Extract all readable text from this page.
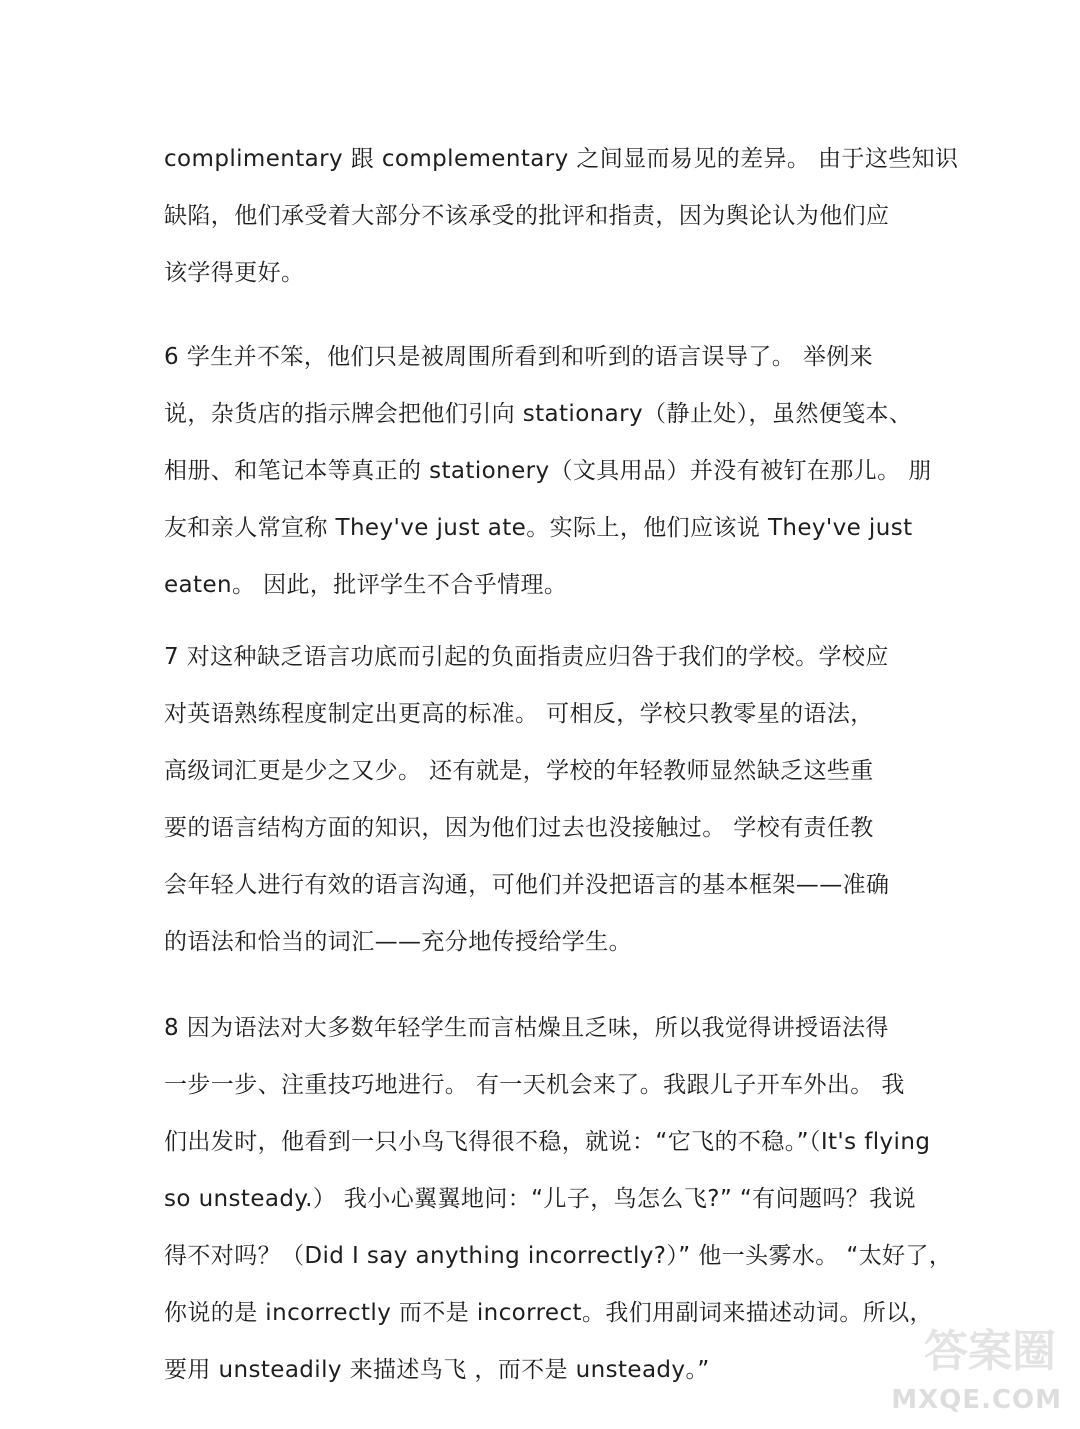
complimentary 跟 complementary 之间显而易见的差异。 由于这些知识
缺陷，他们承受着大部分不该承受的批评和指责，因为舆论认为他们应
该学得更好。
6 学生并不笨，他们只是被周围所看到和听到的语言误导了。 举例来
说，杂货店的指示牌会把他们引向 stationary（静止处），虽然便笺本、
相册、和笔记本等真正的 stationery（文具用品）并没有被钉在那儿。 朋
友和亲人常宣称 They've just ate。实际上，他们应该说 They've just
eaten。 因此，批评学生不合乎情理。
7 对这种缺乏语言功底而引起的负面指责应归咎于我们的学校。学校应
对英语熟练程度制定出更高的标准。 可相反，学校只教零星的语法，
高级词汇更是少之又少。 还有就是，学校的年轻教师显然缺乏这些重
要的语言结构方面的知识，因为他们过去也没接触过。 学校有责任教
会年轻人进行有效的语言沟通，可他们并没把语言的基本框架——准确
的语法和恰当的词汇——充分地传授给学生。
8 因为语法对大多数年轻学生而言枯燥且乏味，所以我觉得讲授语法得
一步一步、注重技巧地进行。 有一天机会来了。我跟儿子开车外出。 我
们出发时，他看到一只小鸟飞得很不稳，就说：“它飞的不稳。”（It's flying
so unsteady.） 我小心翼翼地问：“儿子，鸟怎么飞?” “有问题吗？我说
得不对吗？（Did I say anything incorrectly?）” 他一头雾水。 “太好了，
你说的是 incorrectly 而不是 incorrect。我们用副词来描述动词。所以，
要用 unsteadily 来描述鸟飞 ，而不是 unsteady。”	答案圈
MXQE.COM
